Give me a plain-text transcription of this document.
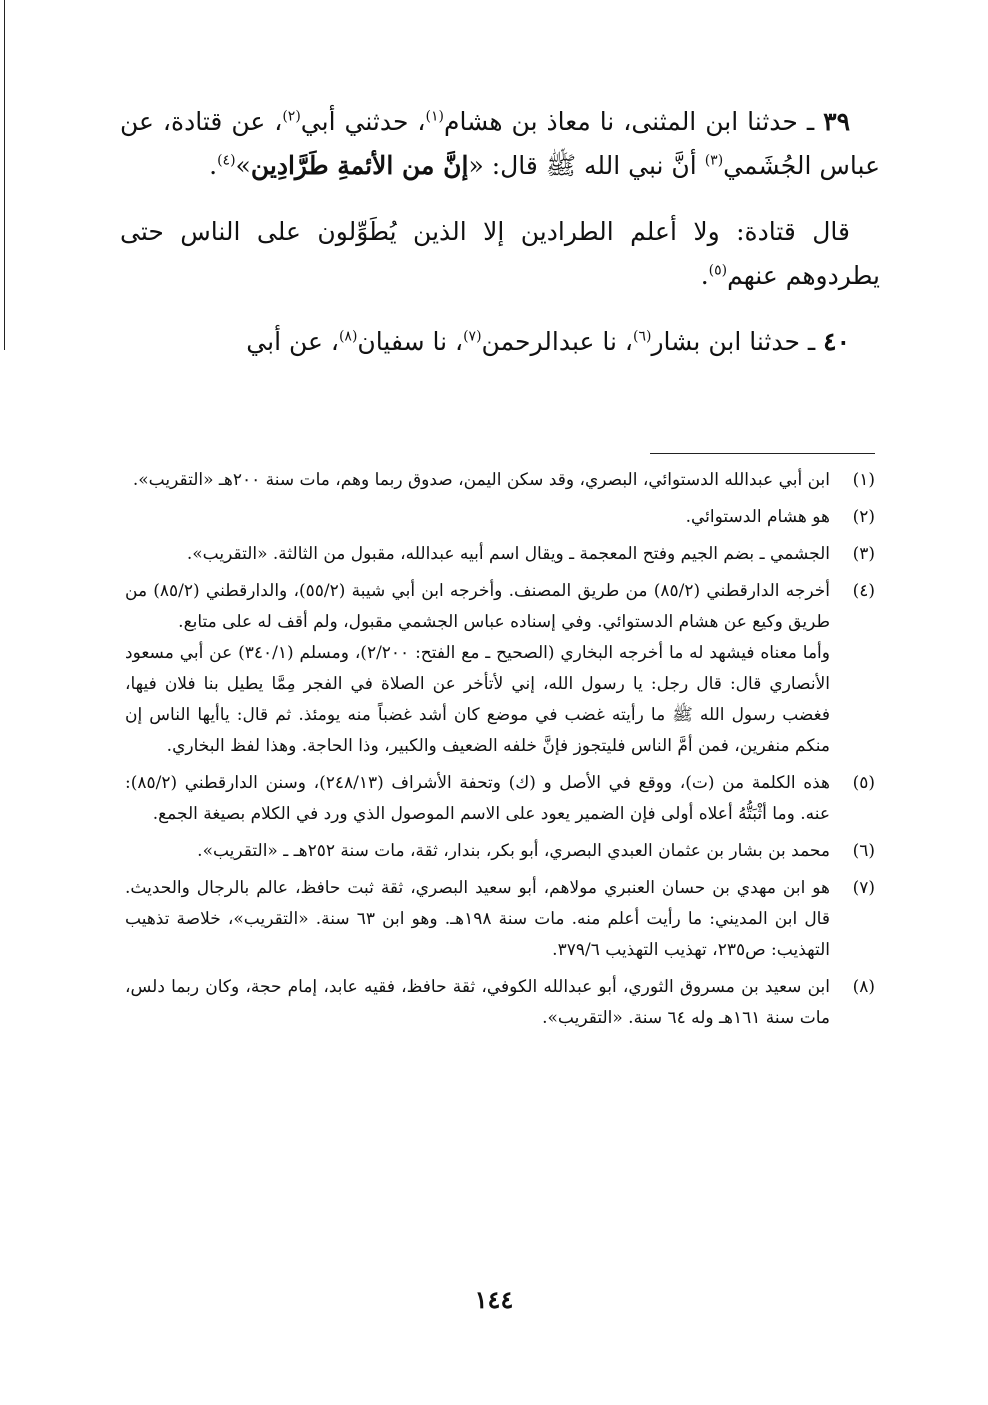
٣٩ ـ حدثنا ابن المثنى، نا معاذ بن هشام$^{(١)}$، حدثني أبي$^{(٢)}$، عن قتادة، عن عباس الجُشَمي$^{(٣)}$ أنَّ نبي الله ﷺ قال: «إنَّ من الأئمةِ طَرَّادِين»$^{(٤)}$.

قال قتادة: ولا أعلم الطرادين إلا الذين يُطَوِّلون على الناس حتى يطردوهم عنهم$^{(٥)}$.

٤٠ ـ حدثنا ابن بشار$^{(٦)}$، نا عبدالرحمن$^{(٧)}$، نا سفيان$^{(٨)}$، عن أبي

(١)

ابن أبي عبدالله الدستوائي، البصري، وقد سكن اليمن، صدوق ربما وهم، مات سنة ٢٠٠هـ «التقريب».

(٢)

هو هشام الدستوائي.

(٣)

الجشمي ـ بضم الجيم وفتح المعجمة ـ ويقال اسم أبيه عبدالله، مقبول من الثالثة. «التقريب».

(٤)

أخرجه الدارقطني (٨٥/٢) من طريق المصنف. وأخرجه ابن أبي شيبة (٥٥/٢)، والدارقطني (٨٥/٢) من طريق وكيع عن هشام الدستوائي. وفي إسناده عباس الجشمي مقبول، ولم أقف له على متابع.

وأما معناه فيشهد له ما أخرجه البخاري (الصحيح ـ مع الفتح: ٢/٢٠٠)، ومسلم (٣٤٠/١) عن أبي مسعود الأنصاري قال: قال رجل: يا رسول الله، إني لأتأخر عن الصلاة في الفجر مِمَّا يطيل بنا فلان فيها، فغضب رسول الله ﷺ ما رأيته غضب في موضع كان أشد غضباً منه يومئذ. ثم قال: ياأيها الناس إن منكم منفرين، فمن أمَّ الناس فليتجوز فإنَّ خلفه الضعيف والكبير، وذا الحاجة. وهذا لفظ البخاري.

(٥)

هذه الكلمة من (ت)، ووقع في الأصل و (ك) وتحفة الأشراف (٢٤٨/١٣)، وسنن الدارقطني (٨٥/٢): عنه. وما أثْبَتُّهُ أعلاه أولى فإن الضمير يعود على الاسم الموصول الذي ورد في الكلام بصيغة الجمع.

(٦)

محمد بن بشار بن عثمان العبدي البصري، أبو بكر، بندار، ثقة، مات سنة ٢٥٢هـ ـ «التقريب».

(٧)

هو ابن مهدي بن حسان العنبري مولاهم، أبو سعيد البصري، ثقة ثبت حافظ، عالم بالرجال والحديث. قال ابن المديني: ما رأيت أعلم منه. مات سنة ١٩٨هـ. وهو ابن ٦٣ سنة. «التقريب»، خلاصة تذهيب التهذيب: ص٢٣٥، تهذيب التهذيب ٣٧٩/٦.

(٨)

ابن سعيد بن مسروق الثوري، أبو عبدالله الكوفي، ثقة حافظ، فقيه عابد، إمام حجة، وكان ربما دلس، مات سنة ١٦١هـ وله ٦٤ سنة. «التقريب».

١٤٤
